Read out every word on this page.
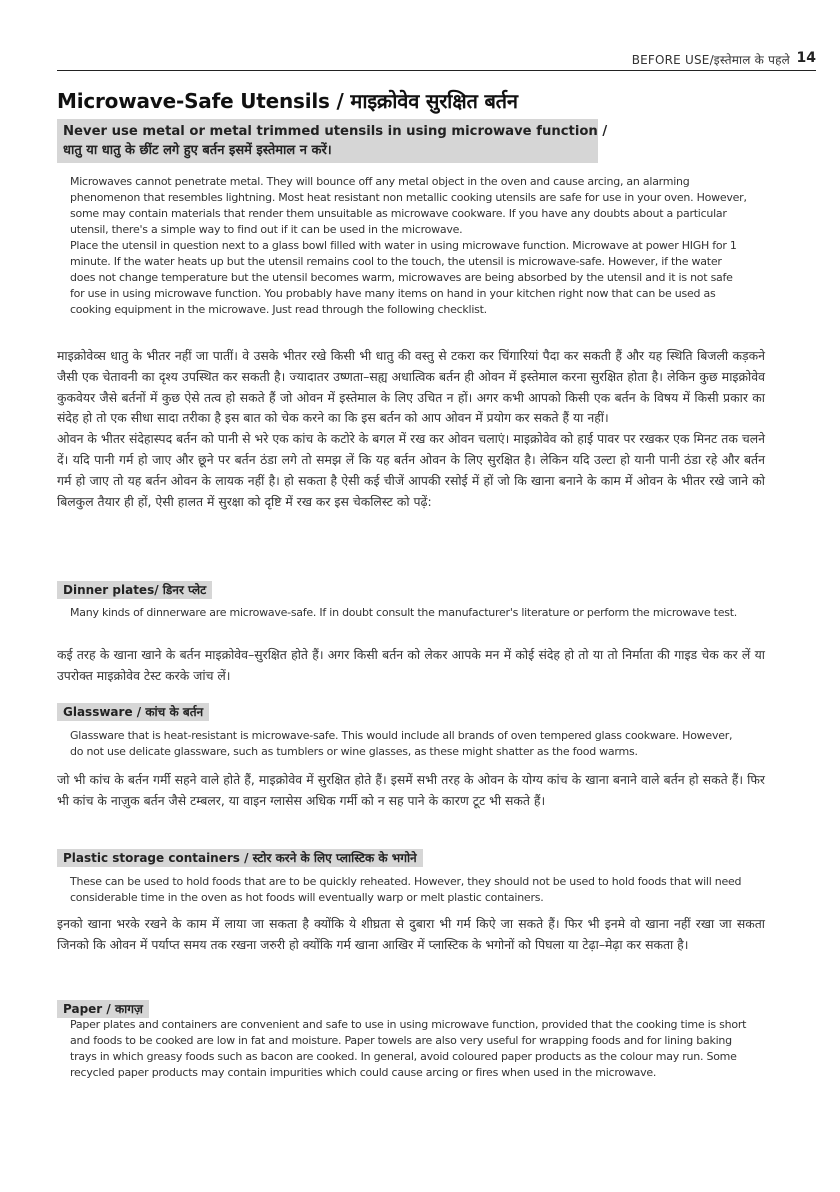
BEFORE USE/इस्तेमाल के पहले 14
Microwave-Safe Utensils / माइक्रोवेव सुरक्षित बर्तन
Never use metal or metal trimmed utensils in using microwave function /
धातु या धातु के छींट लगे हुए बर्तन इसमें इस्तेमाल न करें।

Microwaves cannot penetrate metal. They will bounce off any metal object in the oven and cause arcing, an alarming phenomenon that resembles lightning. Most heat resistant non metallic cooking utensils are safe for use in your oven. However, some may contain materials that render them unsuitable as microwave cookware. If you have any doubts about a particular utensil, there's a simple way to find out if it can be used in the microwave.

Place the utensil in question next to a glass bowl filled with water in using microwave function. Microwave at power HIGH for 1 minute. If the water heats up but the utensil remains cool to the touch, the utensil is microwave-safe. However, if the water does not change temperature but the utensil becomes warm, microwaves are being absorbed by the utensil and it is not safe for use in using microwave function. You probably have many items on hand in your kitchen right now that can be used as cooking equipment in the microwave. Just read through the following checklist.

माइक्रोवेव्स धातु के भीतर नहीं जा पातीं। वे उसके भीतर रखे किसी भी धातु की वस्तु से टकरा कर चिंगारियां पैदा कर सकती हैं और यह स्थिति बिजली कड़कने जैसी एक चेतावनी का दृश्य उपस्थित कर सकती है। ज्यादातर उष्णता–सह्य अधात्विक बर्तन ही ओवन में इस्तेमाल करना सुरक्षित होता है। लेकिन कुछ माइक्रोवेव कुकवेयर जैसे बर्तनों में कुछ ऐसे तत्व हो सकते हैं जो ओवन में इस्तेमाल के लिए उचित न हों। अगर कभी आपको किसी एक बर्तन के विषय में किसी प्रकार का संदेह हो तो एक सीधा सादा तरीका है इस बात को चेक करने का कि इस बर्तन को आप ओवन में प्रयोग कर सकते हैं या नहीं।

ओवन के भीतर संदेहास्पद बर्तन को पानी से भरे एक कांच के कटोरे के बगल में रख कर ओवन चलाएं। माइक्रोवेव को हाई पावर पर रखकर एक मिनट तक चलने दें। यदि पानी गर्म हो जाए और छूने पर बर्तन ठंडा लगे तो समझ लें कि यह बर्तन ओवन के लिए सुरक्षित है। लेकिन यदि उल्टा हो यानी पानी ठंडा रहे और बर्तन गर्म हो जाए तो यह बर्तन ओवन के लायक नहीं है। हो सकता है ऐसी कई चीजें आपकी रसोई में हों जो कि खाना बनाने के काम में ओवन के भीतर रखे जाने को बिलकुल तैयार ही हों, ऐसी हालत में सुरक्षा को दृष्टि में रख कर इस चेकलिस्ट को पढ़ें:

Dinner plates/ डिनर प्लेट
Many kinds of dinnerware are microwave-safe. If in doubt consult the manufacturer's literature or perform the microwave test.
कई तरह के खाना खाने के बर्तन माइक्रोवेव–सुरक्षित होते हैं। अगर किसी बर्तन को लेकर आपके मन में कोई संदेह हो तो या तो निर्माता की गाइड चेक कर लें या उपरोक्त माइक्रोवेव टेस्ट करके जांच लें।
Glassware / कांच के बर्तन
Glassware that is heat-resistant is microwave-safe. This would include all brands of oven tempered glass cookware. However, do not use delicate glassware, such as tumblers or wine glasses, as these might shatter as the food warms.
जो भी कांच के बर्तन गर्मी सहने वाले होते हैं, माइक्रोवेव में सुरक्षित होते हैं। इसमें सभी तरह के ओवन के योग्य कांच के खाना बनाने वाले बर्तन हो सकते हैं। फिर भी कांच के नाज़ुक बर्तन जैसे टम्बलर, या वाइन ग्लासेस अधिक गर्मी को न सह पाने के कारण टूट भी सकते हैं।
Plastic storage containers / स्टोर करने के लिए प्लास्टिक के भगोने
These can be used to hold foods that are to be quickly reheated. However, they should not be used to hold foods that will need considerable time in the oven as hot foods will eventually warp or melt plastic containers.
इनको खाना भरके रखने के काम में लाया जा सकता है क्योंकि ये शीघ्रता से दुबारा भी गर्म किऐ जा सकते हैं। फिर भी इनमे वो खाना नहीं रखा जा सकता जिनको कि ओवन में पर्याप्त समय तक रखना जरुरी हो क्योंकि गर्म खाना आखिर में प्लास्टिक के भगोनों को पिघला या टेढ़ा–मेढ़ा कर सकता है।
Paper / कागज़
Paper plates and containers are convenient and safe to use in using microwave function, provided that the cooking time is short and foods to be cooked are low in fat and moisture. Paper towels are also very useful for wrapping foods and for lining baking trays in which greasy foods such as bacon are cooked. In general, avoid coloured paper products as the colour may run. Some recycled paper products may contain impurities which could cause arcing or fires when used in the microwave.
